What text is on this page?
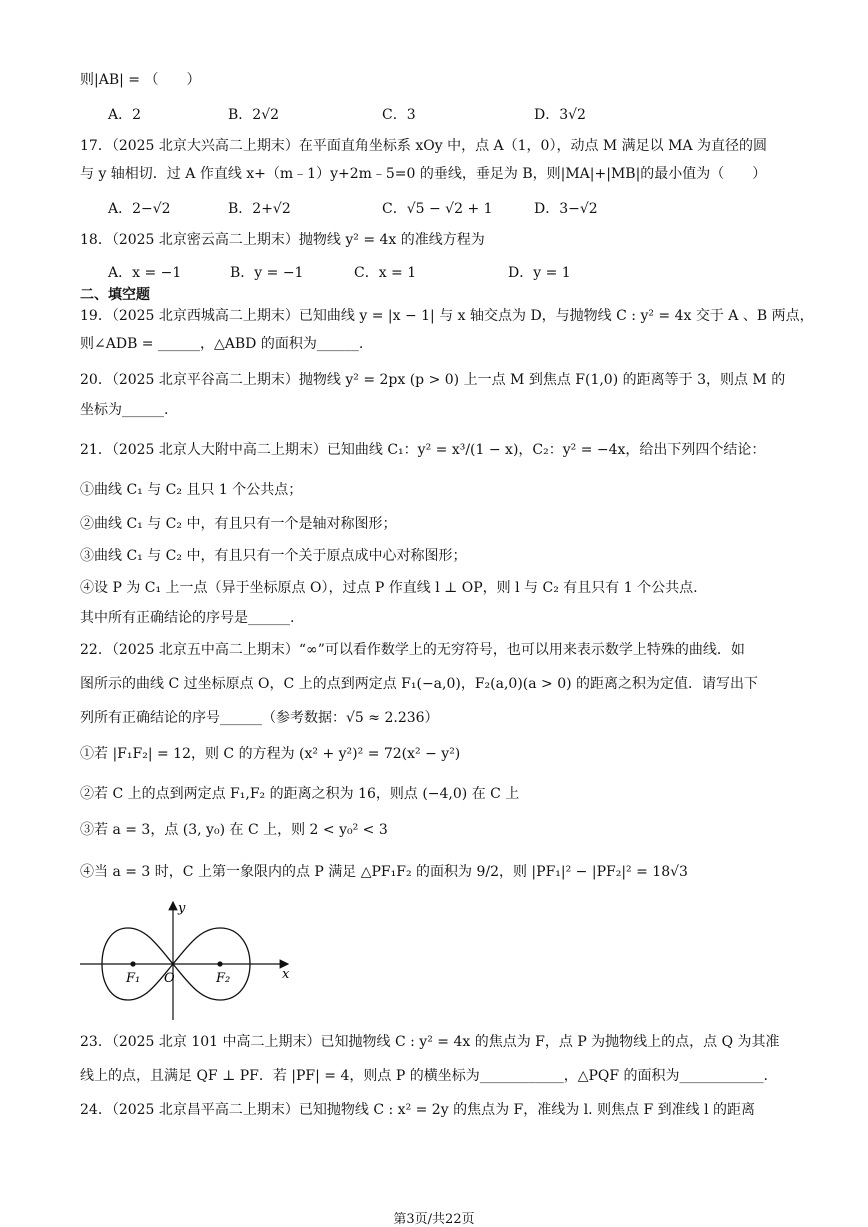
则|AB| = （　　）
A．2	B．2√2	C．3	D．3√2
17．（2025 北京大兴高二上期末）在平面直角坐标系 xOy 中，点 A（1，0），动点 M 满足以 MA 为直径的圆
与 y 轴相切．过 A 作直线 x+（m﹣1）y+2m﹣5=0 的垂线，垂足为 B，则|MA|+|MB|的最小值为（　　）
A．2−√2	B．2+√2	C．√5 − √2 + 1	D．3−√2
18．（2025 北京密云高二上期末）抛物线 y² = 4x 的准线方程为
A．x = −1	B．y = −1	C．x = 1	D．y = 1
二、填空题
19．（2025 北京西城高二上期末）已知曲线 y = |x − 1| 与 x 轴交点为 D，与抛物线 C : y² = 4x 交于 A 、B 两点，
则∠ADB = ______，△ABD 的面积为______.
20．（2025 北京平谷高二上期末）抛物线 y² = 2px (p > 0) 上一点 M 到焦点 F(1,0) 的距离等于 3，则点 M 的
坐标为______.
21．（2025 北京人大附中高二上期末）已知曲线 C₁：y² = x³/(1 − x)，C₂：y² = −4x，给出下列四个结论：
①曲线 C₁ 与 C₂ 且只 1 个公共点；
②曲线 C₁ 与 C₂ 中，有且只有一个是轴对称图形；
③曲线 C₁ 与 C₂ 中，有且只有一个关于原点成中心对称图形；
④设 P 为 C₁ 上一点（异于坐标原点 O），过点 P 作直线 l ⊥ OP，则 l 与 C₂ 有且只有 1 个公共点.
其中所有正确结论的序号是______.
22．（2025 北京五中高二上期末）“∞”可以看作数学上的无穷符号，也可以用来表示数学上特殊的曲线．如
图所示的曲线 C 过坐标原点 O，C 上的点到两定点 F₁(−a,0)，F₂(a,0)(a > 0) 的距离之积为定值．请写出下
列所有正确结论的序号______（参考数据：√5 ≈ 2.236）
①若 |F₁F₂| = 12，则 C 的方程为 (x² + y²)² = 72(x² − y²)
②若 C 上的点到两定点 F₁,F₂ 的距离之积为 16，则点 (−4,0) 在 C 上
③若 a = 3，点 (3, y₀) 在 C 上，则 2 < y₀² < 3
④当 a = 3 时，C 上第一象限内的点 P 满足 △PF₁F₂ 的面积为 9/2，则 |PF₁|² − |PF₂|² = 18√3
y
x
O
F₁	F₂
23．（2025 北京 101 中高二上期末）已知抛物线 C : y² = 4x 的焦点为 F，点 P 为抛物线上的点，点 Q 为其准
线上的点，且满足 QF ⊥ PF．若 |PF| = 4，则点 P 的横坐标为____________，△PQF 的面积为____________.
24．（2025 北京昌平高二上期末）已知抛物线 C : x² = 2y 的焦点为 F，准线为 l. 则焦点 F 到准线 l 的距离
第3页/共22页
